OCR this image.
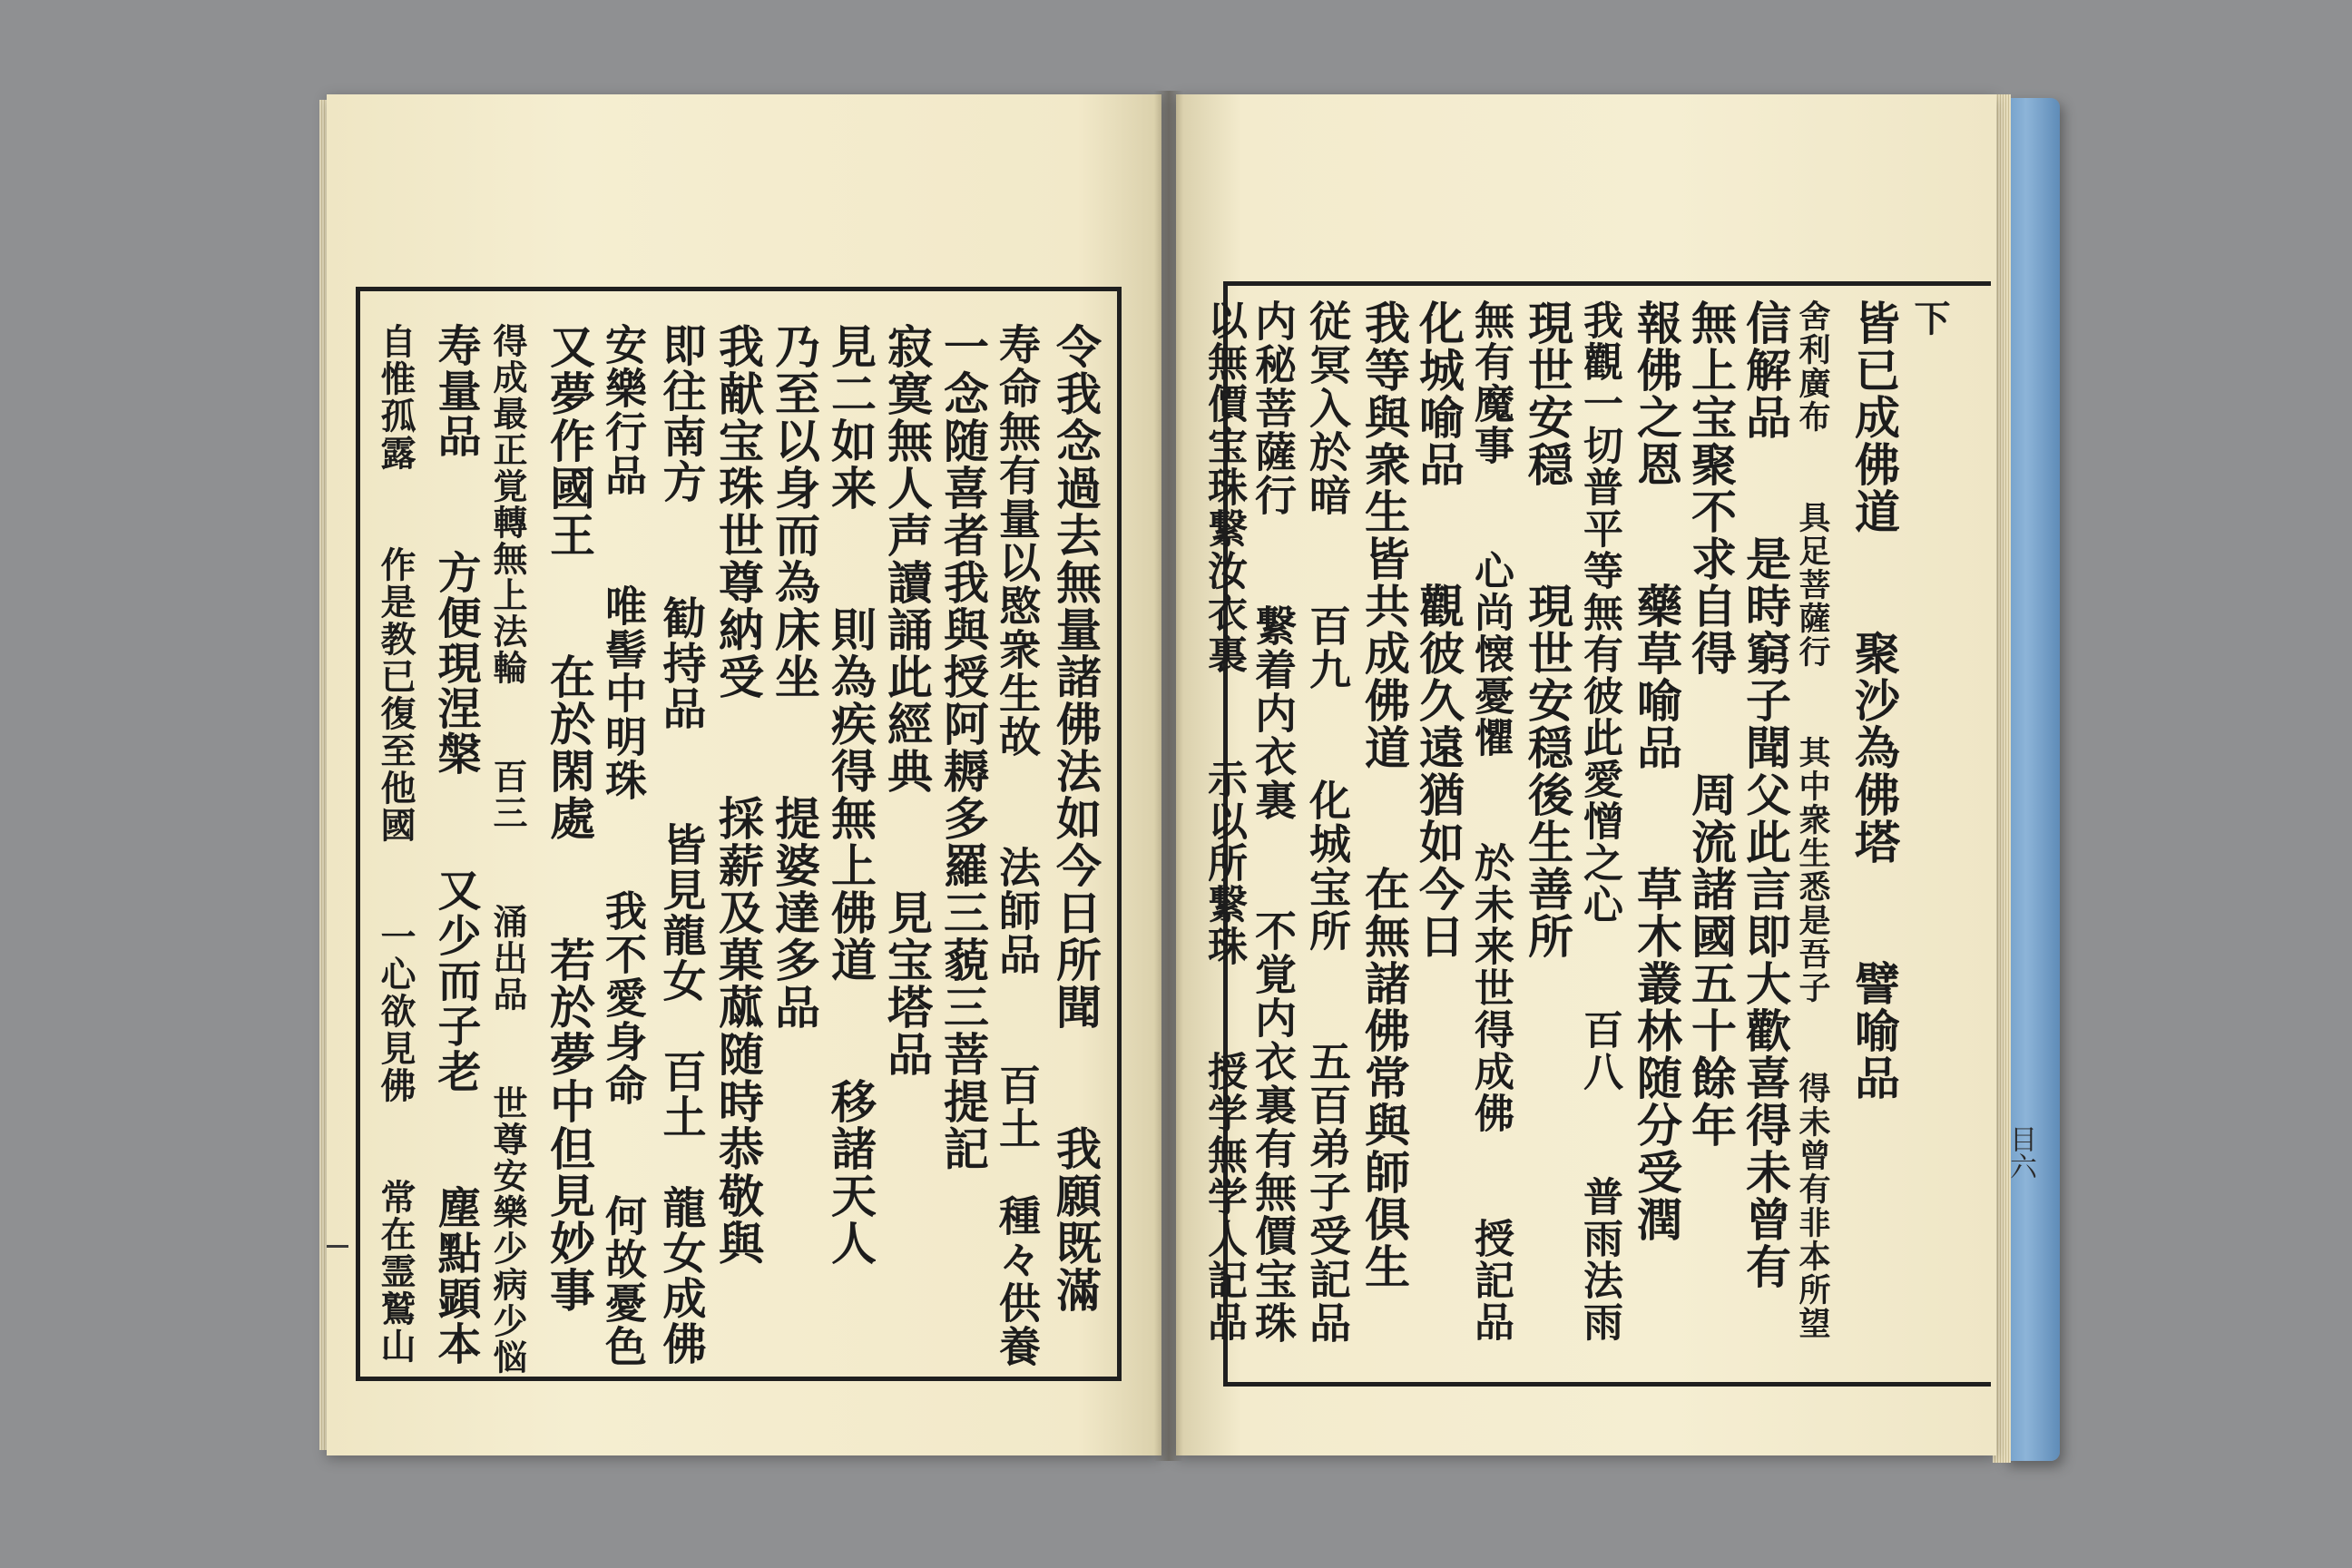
令我念過去無量諸佛法如今日所聞　　我願既滿
寿命無有量以愍衆生故　　法師品　　百土　種々供養
一念随喜者我與授阿耨多羅三藐三菩提記
寂寞無人声讀誦此經典　　見宝塔品
見二如来　　則為疾得無上佛道　　移諸天人
乃至以身而為床坐　　提婆達多品
我献宝珠世尊納受　　採薪及菓蓏随時恭敬與
即往南方　　勧持品　　皆見龍女　百土　龍女成佛
安樂行品　　唯髻中明珠　　我不愛身命　　何故憂色
又夢作國王　　在於閑處　　若於夢中但見妙事
得成最正覚轉無上法輪　　百三　　涌出品　　世尊安樂少病少悩
寿量品　　方便現涅槃　　又少而子老　　塵點顕本
自惟孤露　　作是教已復至他國　　一心欲見佛　　常在霊鷲山
下
皆已成佛道　　聚沙為佛塔　　譬喻品
舍利廣布　　具足菩薩行　　其中衆生悉是吾子　　得未曾有非本所望
信解品　　是時窮子聞父此言即大歡喜得未曾有
無上宝聚不求自得　　周流諸國五十餘年
報佛之恩　　藥草喻品　　草木叢林随分受潤
我觀一切普平等無有彼此愛憎之心　　百八　　普雨法雨
現世安穏　　現世安穏後生善所
無有魔事　　心尚懐憂懼　　於未来世得成佛　　授記品
化城喻品　　觀彼久遠猶如今日
我等與衆生皆共成佛道　　在無諸佛常與師俱生
従冥入於暗　　百九　　化城宝所　　五百弟子受記品
内秘菩薩行　　繋着内衣裏　　不覚内衣裏有無價宝珠
以無價宝珠繋汝衣裏　　示以所繋珠　　授学無学人記品	目六
